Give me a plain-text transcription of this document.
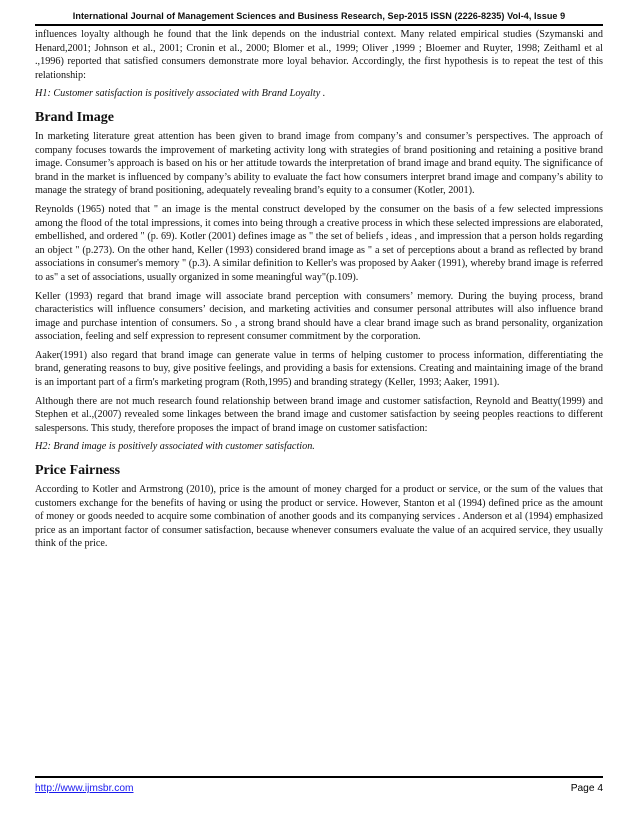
International Journal of Management Sciences and Business Research, Sep-2015 ISSN (2226-8235) Vol-4, Issue 9

influences loyalty although he found that the link depends on the industrial context. Many related empirical studies (Szymanski and Henard,2001; Johnson et al., 2001; Cronin et al., 2000; Blomer et al., 1999; Oliver ,1999 ; Bloemer and Ruyter, 1998; Zeithaml et al .,1996) reported that satisfied consumers demonstrate more loyal behavior. Accordingly, the first hypothesis is to repeat the test of this relationship:

H1: Customer satisfaction is positively associated with Brand Loyalty .

Brand Image

In marketing literature great attention has been given to brand image from company’s and consumer’s perspectives. The approach of company focuses towards the improvement of marketing activity long with strategies of brand positioning and retaining a positive brand image. Consumer’s approach is based on his or her attitude towards the interpretation of brand image and brand equity. The significance of brand in the market is influenced by company’s ability to evaluate the fact how consumers interpret brand image and company’s ability to manage the strategy of brand positioning, adequately revealing brand’s equity to a consumer (Kotler, 2001).

Reynolds (1965) noted that " an image is the mental construct developed by the consumer on the basis of a few selected impressions among the flood of the total impressions, it comes into being through a creative process in which these selected impressions are elaborated, embellished, and ordered " (p. 69). Kotler (2001) defines image as " the set of beliefs , ideas , and impression that a person holds regarding an object " (p.273). On the other hand, Keller (1993) considered brand image as " a set of perceptions about a brand as reflected by brand associations in consumer's memory " (p.3). A similar definition to Keller's was proposed by Aaker (1991), whereby brand image is referred to as" a set of associations, usually organized in some meaningful way"(p.109).

Keller (1993) regard that brand image will associate brand perception with consumers’ memory. During the buying process, brand characteristics will influence consumers’ decision, and marketing activities and consumer personal attributes will also influence brand image and purchase intention of consumers. So , a strong brand should have a clear brand image such as brand personality, organization association, feeling and self expression to represent consumer commitment by the corporation.

Aaker(1991) also regard that brand image can generate value in terms of helping customer to process information, differentiating the brand, generating reasons to buy, give positive feelings, and providing a basis for extensions. Creating and maintaining image of the brand is an important part of a firm's marketing program (Roth,1995) and branding strategy (Keller, 1993; Aaker, 1991).

Although there are not much research found relationship between brand image and customer satisfaction, Reynold and Beatty(1999) and Stephen et al.,(2007) revealed some linkages between the brand image and customer satisfaction by seeing peoples reactions to different salespersons. This study, therefore proposes the impact of brand image on customer satisfaction:

H2: Brand image is positively associated with customer satisfaction.

Price Fairness

According to Kotler and Armstrong (2010), price is the amount of money charged for a product or service, or the sum of the values that customers exchange for the benefits of having or using the product or service. However, Stanton et al (1994) defined price as the amount of money or goods needed to acquire some combination of another goods and its companying services . Anderson et al (1994) emphasized price as an important factor of consumer satisfaction, because whenever consumers evaluate the value of an acquired service, they usually think of the price.

http://www.ijmsbr.com	Page 4
